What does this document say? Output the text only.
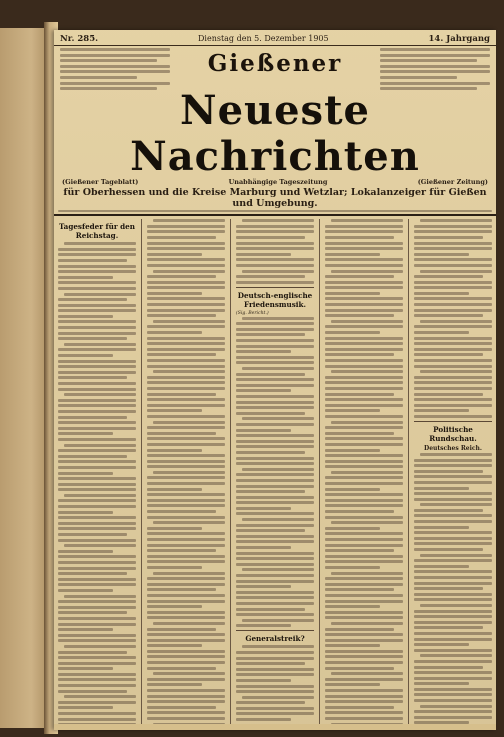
Nr. 285.	Dienstag den 5. Dezember 1905	14. Jahrgang
Gießener
Neueste Nachrichten
(Gießener Tageblatt)	Unabhängige Tageszeitung	(Gießener Zeitung)
für Oberhessen und die Kreise Marburg und Wetzlar; Lokalanzeiger für Gießen und Umgebung.
Tagesfeder für den Reichstag.
Deutsch-englische Friedensmusik.
(Sig. Bericht.)
Generalstreik?
Politische Rundschau.
Deutsches Reich.
